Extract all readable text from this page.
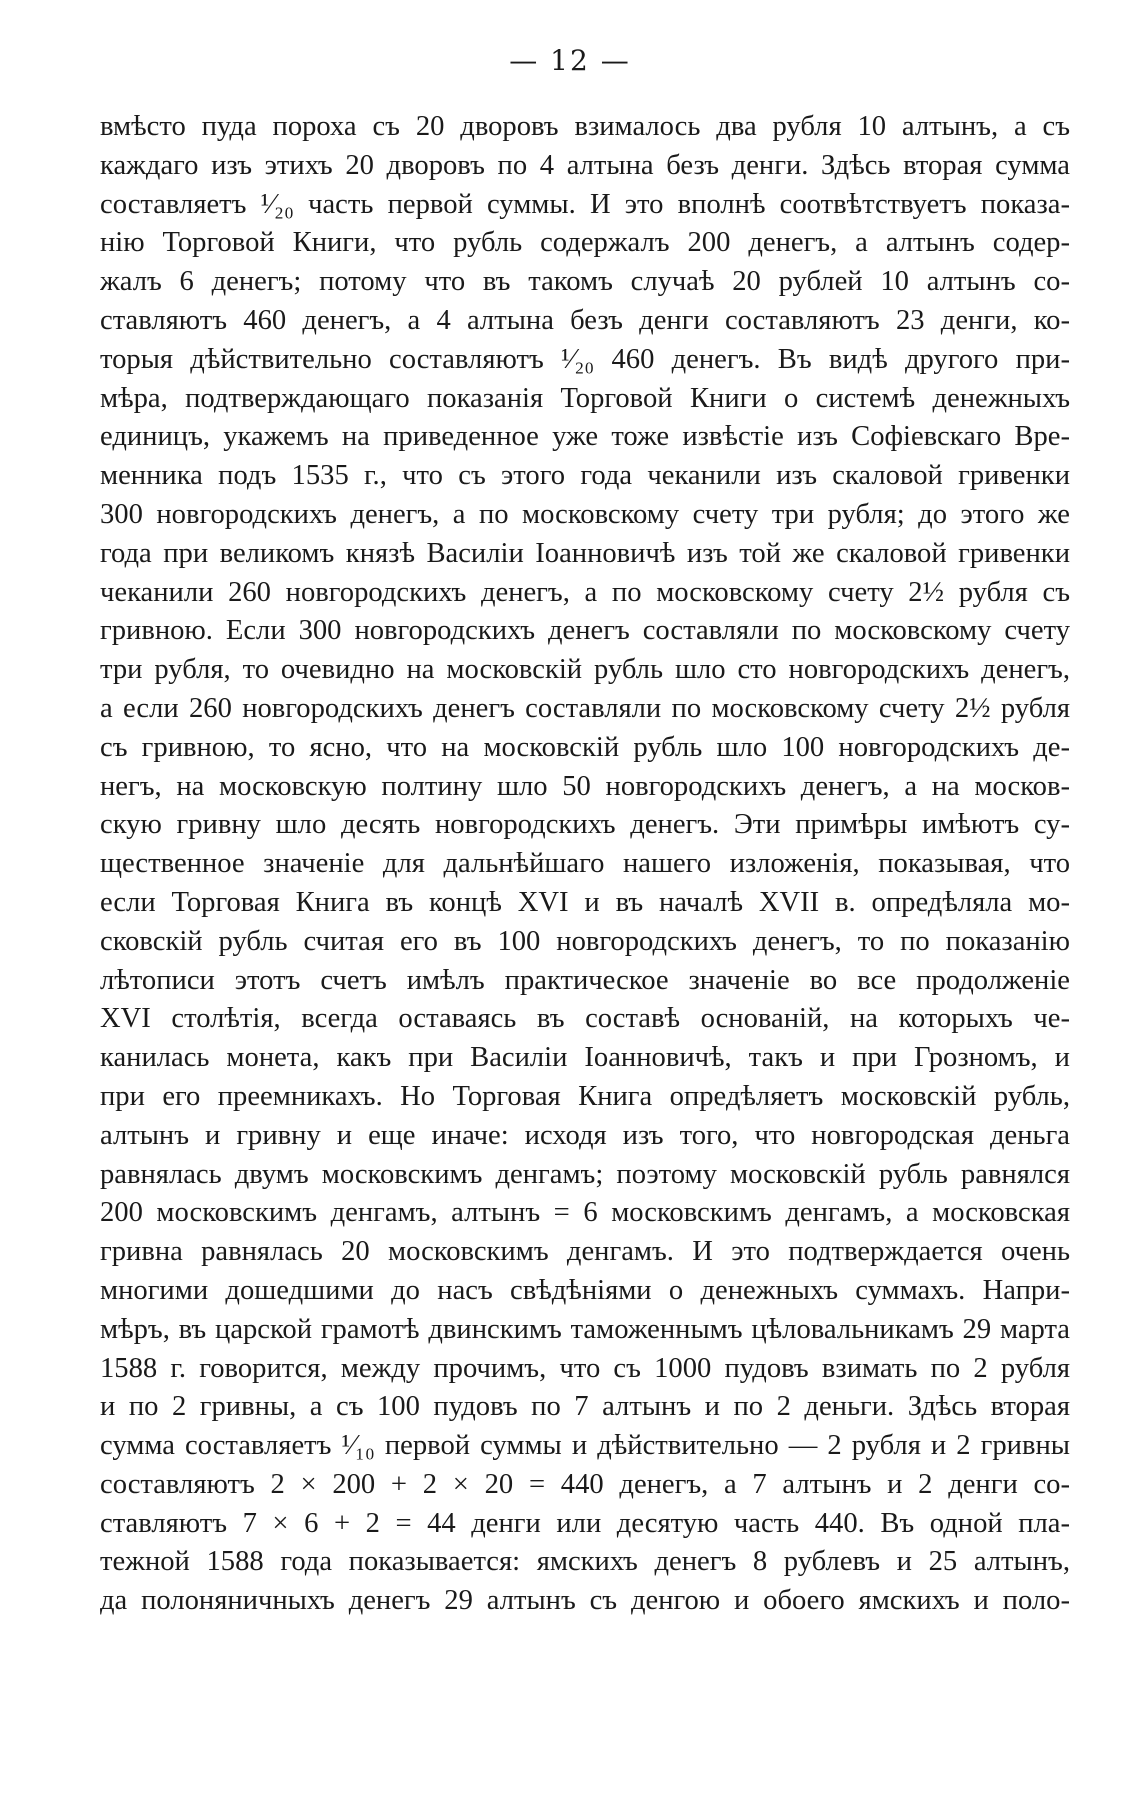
— 12 —
вмѣсто пуда пороха съ 20 дворовъ взималось два рубля 10 алтынъ, а съ
каждаго изъ этихъ 20 дворовъ по 4 алтына безъ денги. Здѣсь вторая сумма
составляетъ ¹⁄₂₀ часть первой суммы. И это вполнѣ соотвѣтствуетъ показа-
нію Торговой Книги, что рубль содержалъ 200 денегъ, а алтынъ содер-
жалъ 6 денегъ; потому что въ такомъ случаѣ 20 рублей 10 алтынъ со-
ставляютъ 460 денегъ, а 4 алтына безъ денги составляютъ 23 денги, ко-
торыя дѣйствительно составляютъ ¹⁄₂₀ 460 денегъ. Въ видѣ другого при-
мѣра, подтверждающаго показанія Торговой Книги о системѣ денежныхъ
единицъ, укажемъ на приведенное уже тоже извѣстіе изъ Софіевскаго Вре-
менника подъ 1535 г., что съ этого года чеканили изъ скаловой гривенки
300 новгородскихъ денегъ, а по московскому счету три рубля; до этого же
года при великомъ князѣ Василіи Іоанновичѣ изъ той же скаловой гривенки
чеканили 260 новгородскихъ денегъ, а по московскому счету 2½ рубля съ
гривною. Если 300 новгородскихъ денегъ составляли по московскому счету
три рубля, то очевидно на московскій рубль шло сто новгородскихъ денегъ,
а если 260 новгородскихъ денегъ составляли по московскому счету 2½ рубля
съ гривною, то ясно, что на московскій рубль шло 100 новгородскихъ де-
негъ, на московскую полтину шло 50 новгородскихъ денегъ, а на москов-
скую гривну шло десять новгородскихъ денегъ. Эти примѣры имѣютъ су-
щественное значеніе для дальнѣйшаго нашего изложенія, показывая, что
если Торговая Книга въ концѣ XVI и въ началѣ XVII в. опредѣляла мо-
сковскій рубль считая его въ 100 новгородскихъ денегъ, то по показанію
лѣтописи этотъ счетъ имѣлъ практическое значеніе во все продолженіе
XVI столѣтія, всегда оставаясь въ составѣ основаній, на которыхъ че-
канилась монета, какъ при Василіи Іоанновичѣ, такъ и при Грозномъ, и
при его преемникахъ. Но Торговая Книга опредѣляетъ московскій рубль,
алтынъ и гривну и еще иначе: исходя изъ того, что новгородская деньга
равнялась двумъ московскимъ денгамъ; поэтому московскій рубль равнялся
200 московскимъ денгамъ, алтынъ = 6 московскимъ денгамъ, а московская
гривна равнялась 20 московскимъ денгамъ. И это подтверждается очень
многими дошедшими до насъ свѣдѣніями о денежныхъ суммахъ. Напри-
мѣръ, въ царской грамотѣ двинскимъ таможеннымъ цѣловальникамъ 29 марта
1588 г. говорится, между прочимъ, что съ 1000 пудовъ взимать по 2 рубля
и по 2 гривны, а съ 100 пудовъ по 7 алтынъ и по 2 деньги. Здѣсь вторая
сумма составляетъ ¹⁄₁₀ первой суммы и дѣйствительно — 2 рубля и 2 гривны
составляютъ 2 × 200 + 2 × 20 = 440 денегъ, а 7 алтынъ и 2 денги со-
ставляютъ 7 × 6 + 2 = 44 денги или десятую часть 440. Въ одной пла-
тежной 1588 года показывается: ямскихъ денегъ 8 рублевъ и 25 алтынъ,
да полоняничныхъ денегъ 29 алтынъ съ денгою и обоего ямскихъ и поло-
